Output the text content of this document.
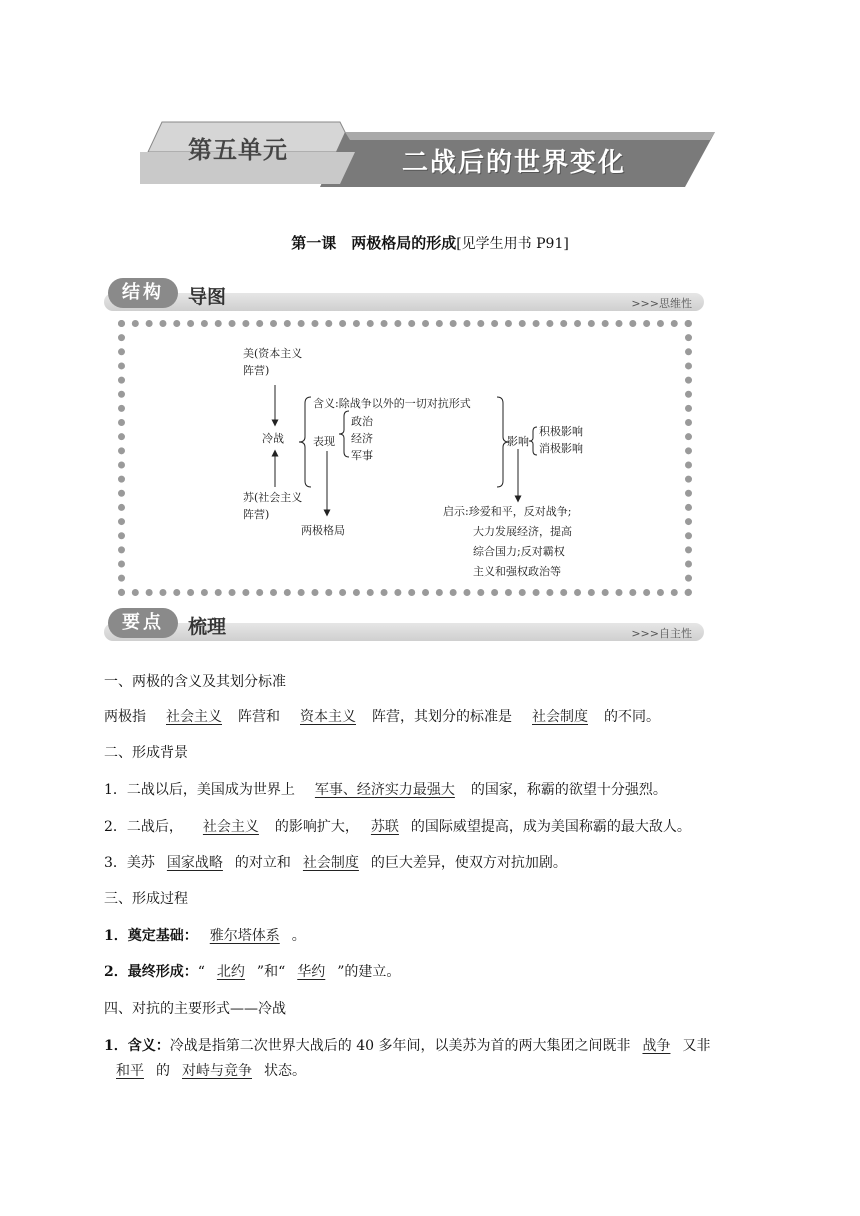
第五单元	二战后的世界变化
第一课　两极格局的形成[见学生用书 P91]
结构	导图	>>>思维性
美(资本主义
阵营)
冷战
苏(社会主义
阵营)
含义:除战争以外的一切对抗形式
表现
政治
经济
军事
两极格局
影响
积极影响
消极影响
启示:珍爱和平，反对战争;
大力发展经济，提高
综合国力;反对霸权
主义和强权政治等
要点	梳理	>>>自主性
一、两极的含义及其划分标准
两极指 社会主义 阵营和 资本主义 阵营，其划分的标准是 社会制度 的不同。
二、形成背景
1．二战以后，美国成为世界上 军事、经济实力最强大 的国家，称霸的欲望十分强烈。
2．二战后， 社会主义 的影响扩大， 苏联 的国际威望提高，成为美国称霸的最大敌人。
3．美苏 国家战略 的对立和 社会制度 的巨大差异，使双方对抗加剧。
三、形成过程
1．奠定基础： 雅尔塔体系 。
2．最终形成：“ 北约 ”和“ 华约 ”的建立。
四、对抗的主要形式——冷战
1．含义：冷战是指第二次世界大战后的 40 多年间，以美苏为首的两大集团之间既非 战争 又非
和平 的 对峙与竞争 状态。
